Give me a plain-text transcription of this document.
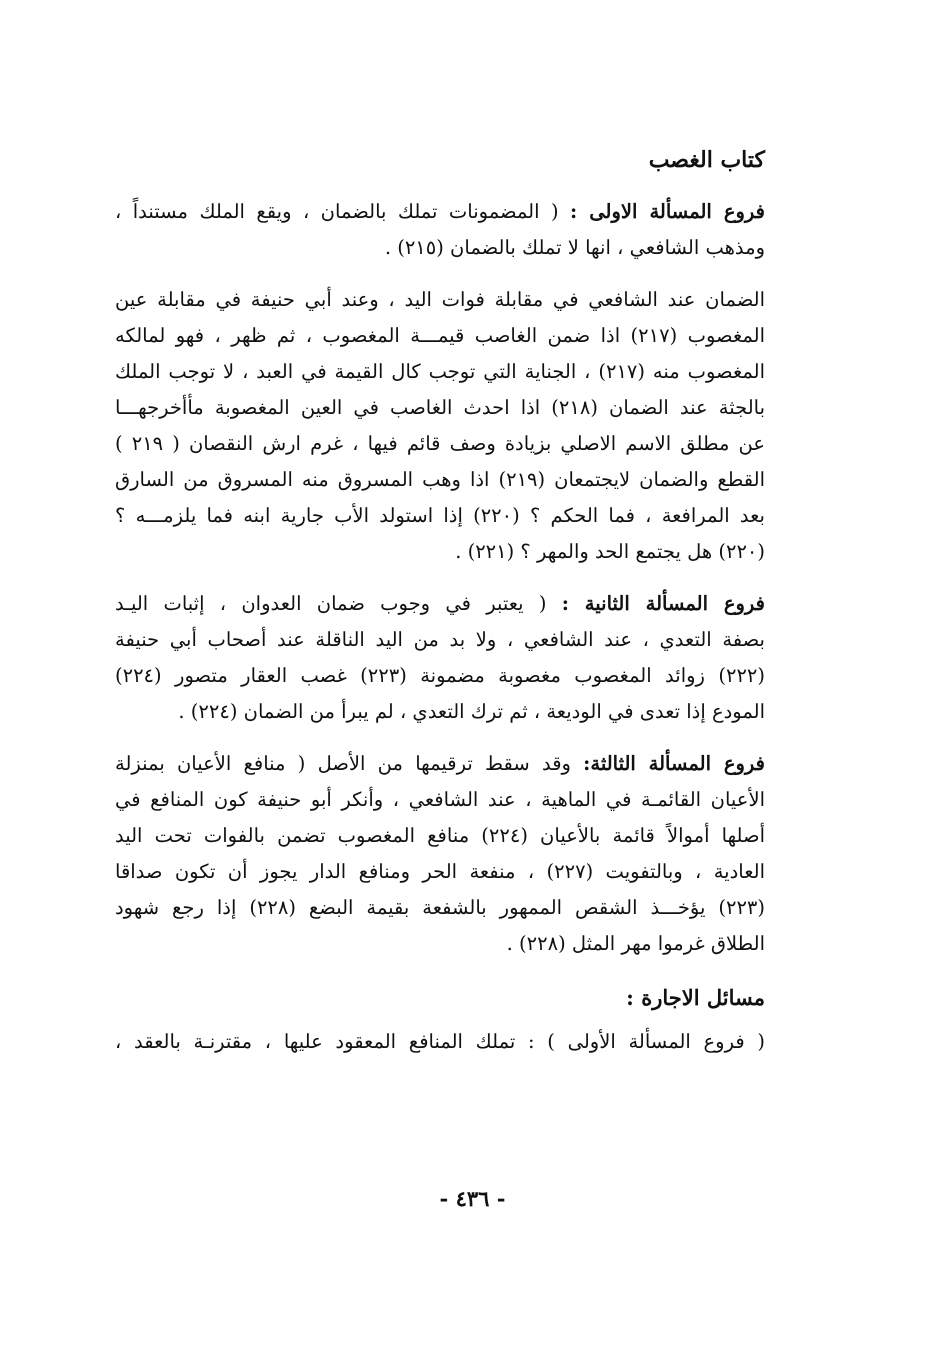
كتاب الغصب
فروع المسألة الاولى : ( المضمونات تملك بالضمان ، ويقع الملك مستنداً ،
ومذهب الشافعي ، انها لا تملك بالضمان (٢١٥) .
الضمان عند الشافعي في مقابلة فوات اليد ، وعند أبي حنيفة في مقابلة عين
المغصوب (٢١٧) اذا ضمن الغاصب قيمـــة المغصوب ، ثم ظهر ، فهو لمالكه
المغصوب منه (٢١٧) ، الجناية التي توجب كال القيمة في العبد ، لا توجب الملك
بالجثة عند الضمان (٢١٨) اذا احدث الغاصب في العين المغصوبة مأأخرجهـــا
عن مطلق الاسم الاصلي بزيادة وصف قائم فيها ، غرم ارش النقصان ( ٢١٩ )
القطع والضمان لايجتمعان (٢١٩) اذا وهب المسروق منه المسروق من السارق
بعد المرافعة ، فما الحكم ؟ (٢٢٠) إذا استولد الأب جارية ابنه فما يلزمـــه ؟
(٢٢٠) هل يجتمع الحد والمهر ؟ (٢٢١) .
فروع المسألة الثانية : ( يعتبر في وجوب ضمان العدوان ، إثبات اليـد
بصفة التعدي ، عند الشافعي ، ولا بد من اليد الناقلة عند أصحاب أبي حنيفة
(٢٢٢) زوائد المغصوب مغصوبة مضمونة (٢٢٣) غصب العقار متصور (٢٢٤)
المودع إذا تعدى في الوديعة ، ثم ترك التعدي ، لم يبرأ من الضمان (٢٢٤) .
فروع المسألة الثالثة: وقد سقط ترقيمها من الأصل ( منافع الأعيان بمنزلة
الأعيان القائمـة في الماهية ، عند الشافعي ، وأنكر أبو حنيفة كون المنافع في
أصلها أموالاً قائمة بالأعيان (٢٢٤) منافع المغصوب تضمن بالفوات تحت اليد
العادية ، وبالتفويت (٢٢٧) ، منفعة الحر ومنافع الدار يجوز أن تكون صداقا
(٢٢٣) يؤخـــذ الشقص الممهور بالشفعة بقيمة البضع (٢٢٨) إذا رجع شهود
الطلاق غرموا مهر المثل (٢٢٨) .
مسائل الاجارة :
( فروع المسألة الأولى ) : تملك المنافع المعقود عليها ، مقترنـة بالعقد ،
- ٤٣٦ -
